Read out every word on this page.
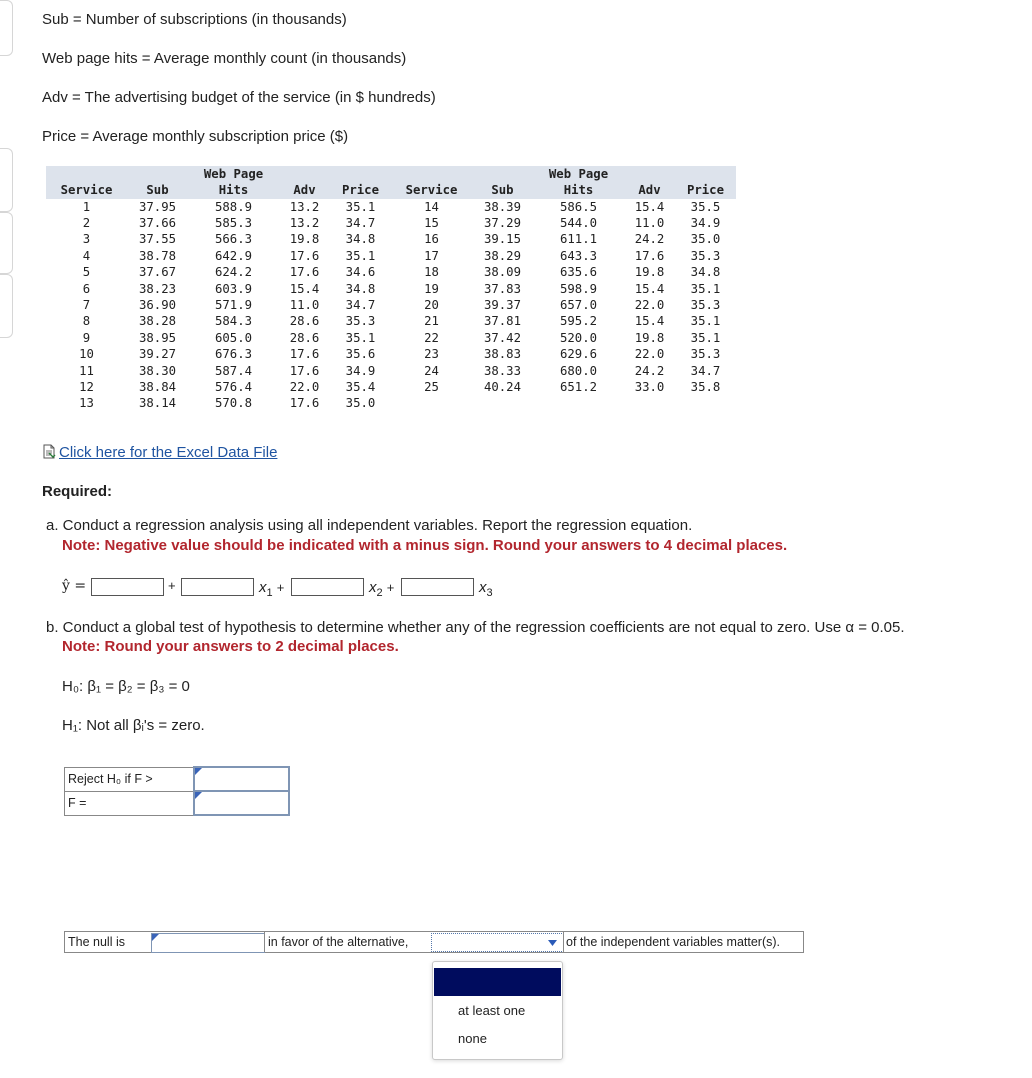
Sub = Number of subscriptions (in thousands)
Web page hits = Average monthly count (in thousands)
Adv = The advertising budget of the service (in $ hundreds)
Price = Average monthly subscription price ($)
		Web Page					Web Page		
Service	Sub	Hits	Adv	Price	Service	Sub	Hits	Adv	Price
1	37.95	588.9	13.2	35.1	14	38.39	586.5	15.4	35.5
2	37.66	585.3	13.2	34.7	15	37.29	544.0	11.0	34.9
3	37.55	566.3	19.8	34.8	16	39.15	611.1	24.2	35.0
4	38.78	642.9	17.6	35.1	17	38.29	643.3	17.6	35.3
5	37.67	624.2	17.6	34.6	18	38.09	635.6	19.8	34.8
6	38.23	603.9	15.4	34.8	19	37.83	598.9	15.4	35.1
7	36.90	571.9	11.0	34.7	20	39.37	657.0	22.0	35.3
8	38.28	584.3	28.6	35.3	21	37.81	595.2	15.4	35.1
9	38.95	605.0	28.6	35.1	22	37.42	520.0	19.8	35.1
10	39.27	676.3	17.6	35.6	23	38.83	629.6	22.0	35.3
11	38.30	587.4	17.6	34.9	24	38.33	680.0	24.2	34.7
12	38.84	576.4	22.0	35.4	25	40.24	651.2	33.0	35.8
13	38.14	570.8	17.6	35.0					
Click here for the Excel Data File
Required:
a. Conduct a regression analysis using all independent variables. Report the regression equation.
Note: Negative value should be indicated with a minus sign. Round your answers to 4 decimal places.
ŷ =	+	$x_1$ +	$x_2$ +	$x_3$
b. Conduct a global test of hypothesis to determine whether any of the regression coefficients are not equal to zero. Use α = 0.05.
Note: Round your answers to 2 decimal places.
H₀: β₁ = β₂ = β₃ = 0
H₁: Not all βᵢ's = zero.
Reject H₀ if F >	

F =	
The null is	in favor of the alternative,	of the independent variables matter(s).
at least one
none
